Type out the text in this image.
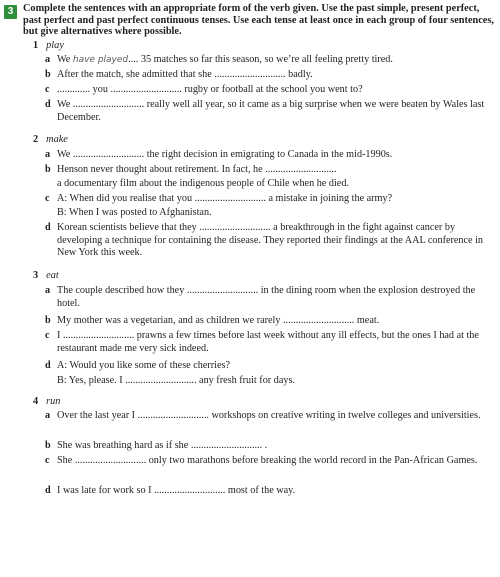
3 Complete the sentences with an appropriate form of the verb given. Use the past simple, present perfect, past perfect and past perfect continuous tenses. Use each tense at least once in each group of four sentences, but give alternatives where possible.
1 play
a We have played.... 35 matches so far this season, so we’re all feeling pretty tired.
b After the match, she admitted that she ............................ badly.
c ............. you ............................ rugby or football at the school you went to?
d We ............................ really well all year, so it came as a big surprise when we were beaten by Wales last December.
2 make
a We ............................ the right decision in emigrating to Canada in the mid-1990s.
b Henson never thought about retirement. In fact, he ............................
a documentary film about the indigenous people of Chile when he died.
c A: When did you realise that you ............................ a mistake in joining the army?
B: When I was posted to Afghanistan.
d Korean scientists believe that they ............................ a breakthrough in the fight against cancer by developing a technique for containing the disease. They reported their findings at the AAL conference in New York this week.
3 eat
a The couple described how they ............................ in the dining room when the explosion destroyed the hotel.
b My mother was a vegetarian, and as children we rarely ............................ meat.
c I ............................ prawns a few times before last week without any ill effects, but the ones I had at the restaurant made me very sick indeed.
d A: Would you like some of these cherries?
B: Yes, please. I ............................ any fresh fruit for days.
4 run
a Over the last year I ............................ workshops on creative writing in twelve colleges and universities.
b She was breathing hard as if she ............................ .
c She ............................ only two marathons before breaking the world record in the Pan-African Games.
d I was late for work so I ............................ most of the way.
